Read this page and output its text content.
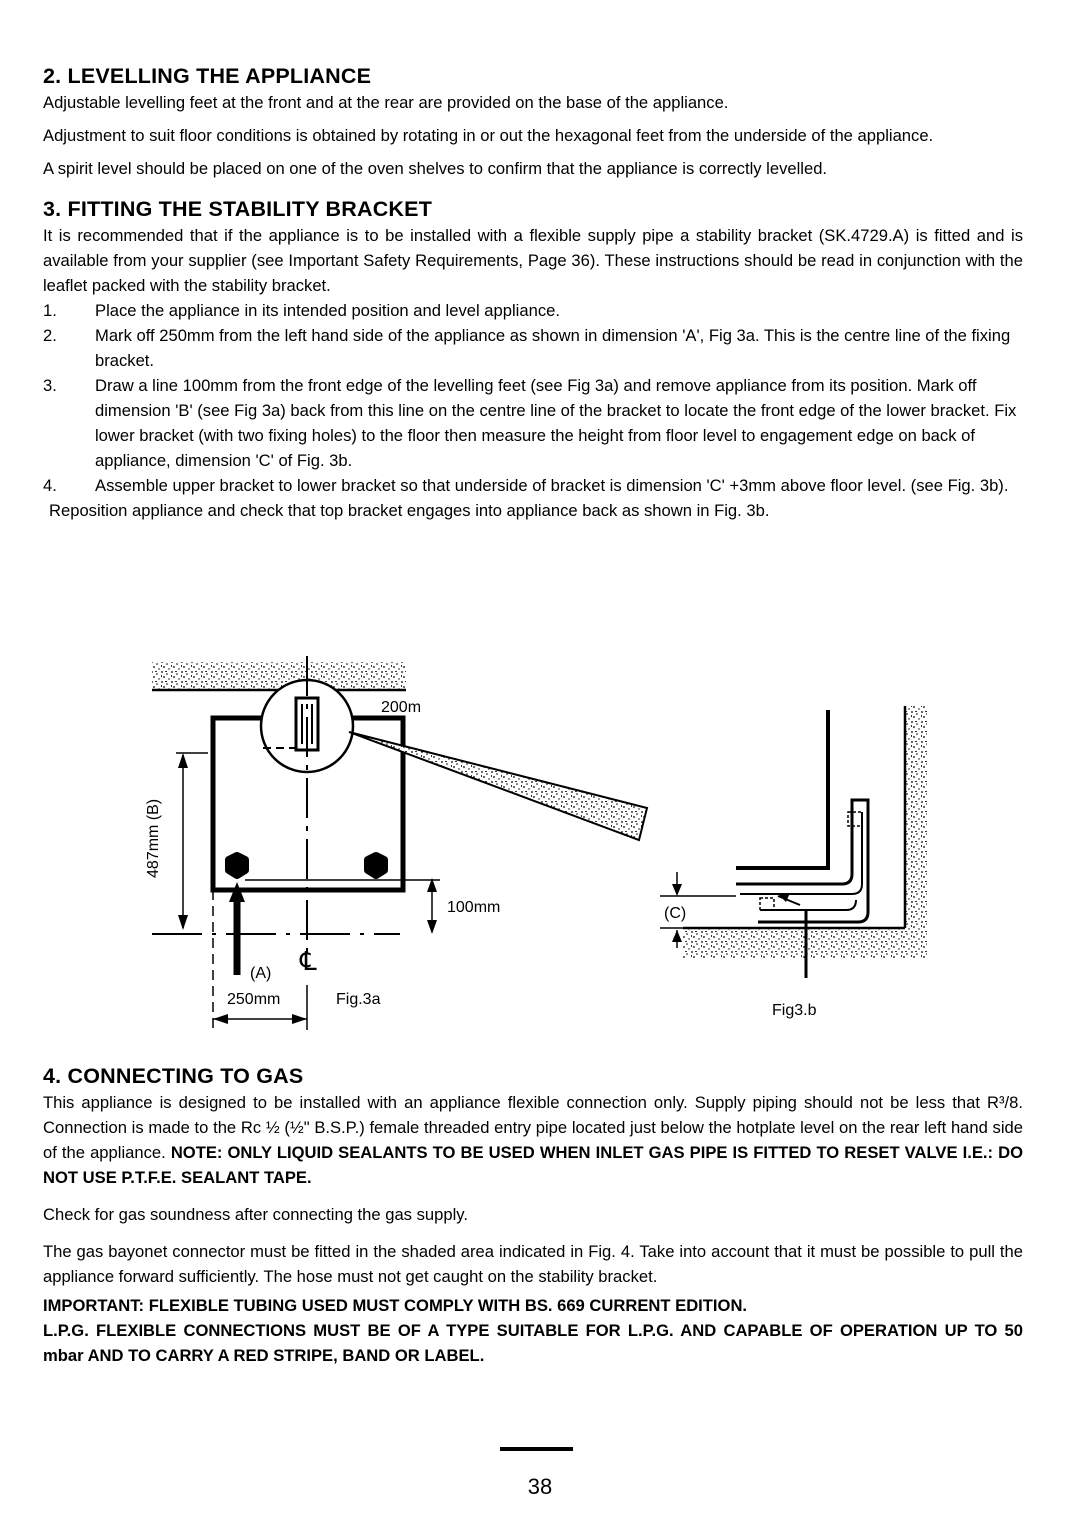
2. LEVELLING THE APPLIANCE

Adjustable levelling feet at the front and at the rear are provided on the base of the appliance.

Adjustment to suit floor conditions is obtained by rotating in or out the hexagonal feet from the underside of the appliance.

A spirit level should be placed on one of the oven shelves to confirm that the appliance is correctly levelled.

3. FITTING THE STABILITY BRACKET

It is recommended that if the appliance is to be installed with a flexible supply pipe a stability bracket (SK.4729.A) is fitted and is available from your supplier (see Important Safety Requirements, Page 36). These instructions should be read in conjunction with the leaflet packed with the stability bracket.

1. Place the appliance in its intended position and level appliance.
2. Mark off 250mm from the left hand side of the appliance as shown in dimension 'A', Fig 3a. This is the centre line of the fixing bracket.
3. Draw a line 100mm from the front edge of the levelling feet (see Fig 3a) and remove appliance from its position. Mark off dimension 'B' (see Fig 3a) back from this line on the centre line of the bracket to locate the front edge of the lower bracket. Fix lower bracket (with two fixing holes) to the floor then measure the height from floor level to engagement edge on back of appliance, dimension 'C' of Fig. 3b.
4. Assemble upper bracket to lower bracket so that underside of bracket is dimension 'C' +3mm above floor level. (see Fig. 3b).

Reposition appliance and check that top bracket engages into appliance back as shown in Fig. 3b.

4. CONNECTING TO GAS

This appliance is designed to be installed with an appliance flexible connection only. Supply piping should not be less that R³/8. Connection is made to the Rc ½ (½" B.S.P.) female threaded entry pipe located just below the hotplate level on the rear left hand side of the appliance. NOTE: ONLY LIQUID SEALANTS TO BE USED WHEN INLET GAS PIPE IS FITTED TO RESET VALVE I.E.: DO NOT USE P.T.F.E. SEALANT TAPE.

Check for gas soundness after connecting the gas supply.

The gas bayonet connector must be fitted in the shaded area indicated in Fig. 4. Take into account that it must be possible to pull the appliance forward sufficiently. The hose must not get caught on the stability bracket.

IMPORTANT: FLEXIBLE TUBING USED MUST COMPLY WITH BS. 669 CURRENT EDITION.

L.P.G. FLEXIBLE CONNECTIONS MUST BE OF A TYPE SUITABLE FOR L.P.G. AND CAPABLE OF OPERATION UP TO 50 mbar AND TO CARRY A RED STRIPE, BAND OR LABEL.

200m
487mm (B)
100mm
℄
(A)
250mm	Fig.3a
(C)
Fig3.b
38
